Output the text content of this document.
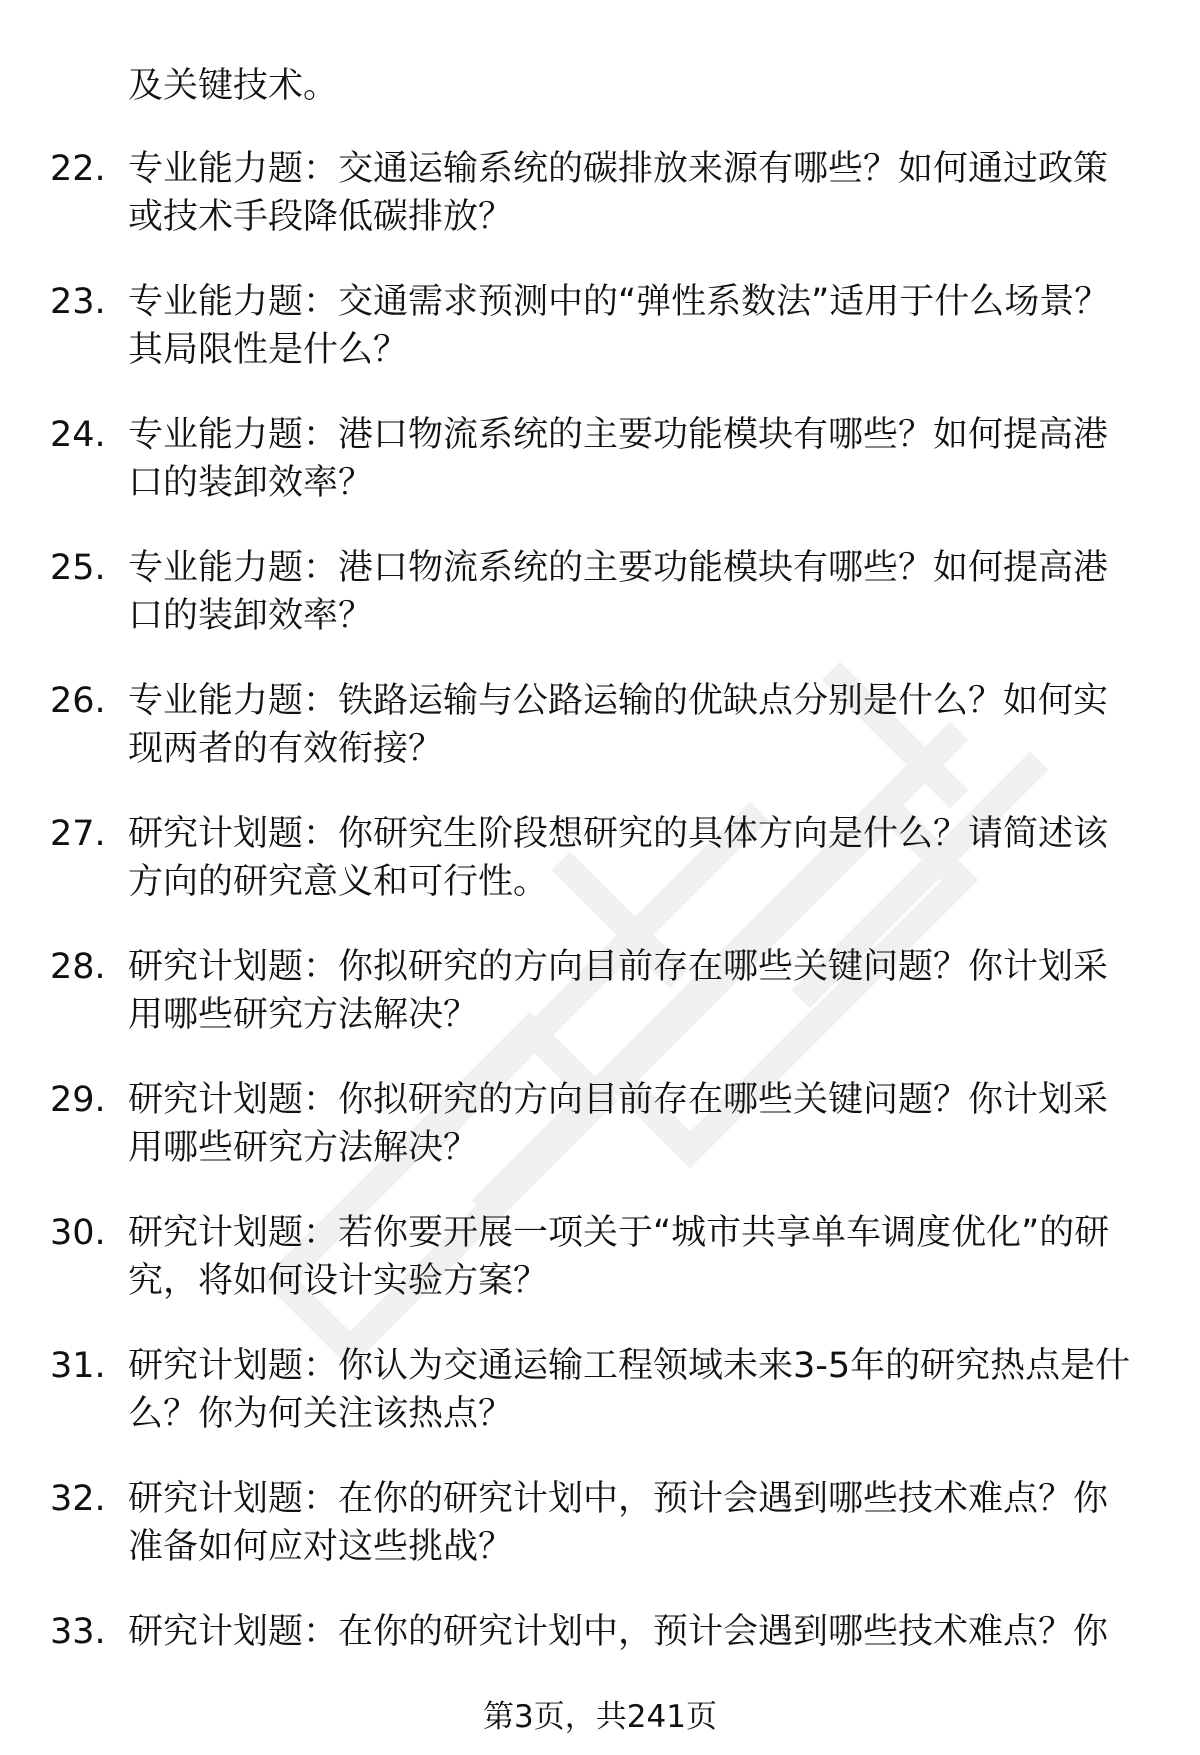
及关键技术。
22. 专业能力题：交通运输系统的碳排放来源有哪些？如何通过政策或技术手段降低碳排放？
23. 专业能力题：交通需求预测中的“弹性系数法”适用于什么场景？其局限性是什么？
24. 专业能力题：港口物流系统的主要功能模块有哪些？如何提高港口的装卸效率？
25. 专业能力题：港口物流系统的主要功能模块有哪些？如何提高港口的装卸效率？
26. 专业能力题：铁路运输与公路运输的优缺点分别是什么？如何实现两者的有效衔接？
27. 研究计划题：你研究生阶段想研究的具体方向是什么？请简述该方向的研究意义和可行性。
28. 研究计划题：你拟研究的方向目前存在哪些关键问题？你计划采用哪些研究方法解决？
29. 研究计划题：你拟研究的方向目前存在哪些关键问题？你计划采用哪些研究方法解决？
30. 研究计划题：若你要开展一项关于“城市共享单车调度优化”的研究，将如何设计实验方案？
31. 研究计划题：你认为交通运输工程领域未来3-5年的研究热点是什么？你为何关注该热点？
32. 研究计划题：在你的研究计划中，预计会遇到哪些技术难点？你准备如何应对这些挑战？
33. 研究计划题：在你的研究计划中，预计会遇到哪些技术难点？你
第3页，共241页
